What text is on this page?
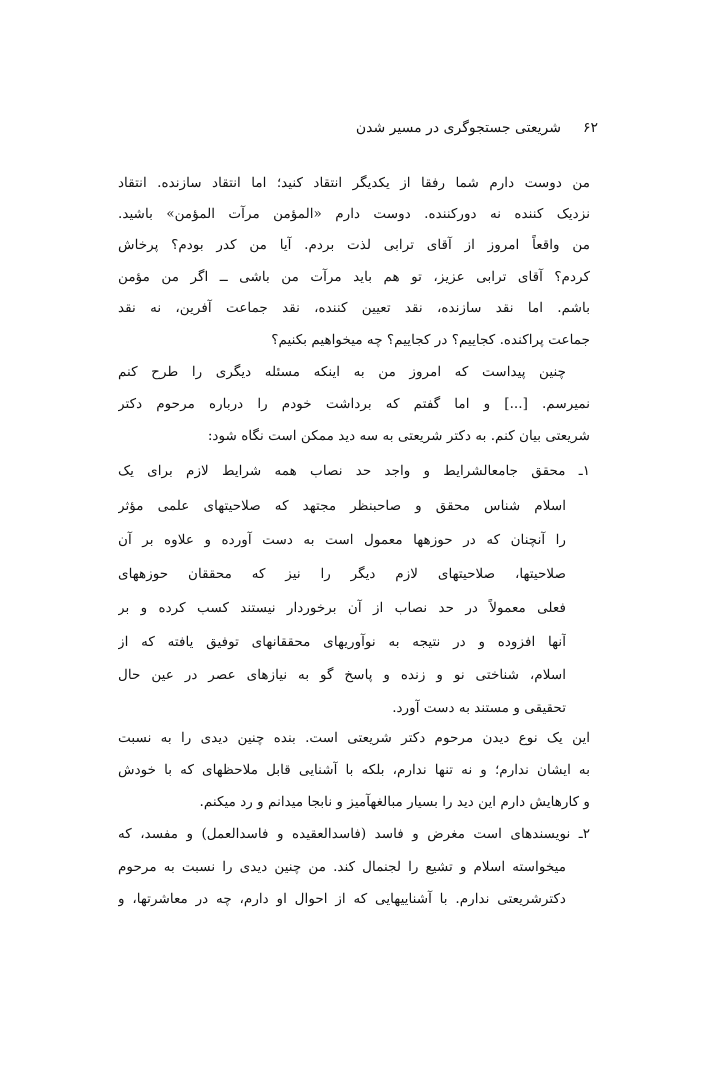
۶۲شریعتی جستجوگری در مسیر شدن
من دوست دارم شما رفقا از یکدیگر انتقاد کنید؛ اما انتقاد سازنده. انتقاد
نزدیک کننده نه دورکننده. دوست دارم «المؤمن مرآت المؤمن» باشید.
من واقعاً امروز از آقای ترابی لذت بردم. آیا من کدر بودم؟ پرخاش
کردم؟ آقای ترابی عزیز، تو هم باید مرآت من باشی ــ اگر من مؤمن
باشم. اما نقد سازنده، نقد تعیین کننده، نقد جماعت آفرین، نه نقد
جماعت پراکنده. کجاییم؟ در کجاییم؟ چه میخواهیم بکنیم؟
چنین پیداست که امروز من به اینکه مسئله دیگری را طرح کنم
نمیرسم. [...] و اما گفتم که برداشت خودم را درباره مرحوم دکتر
شریعتی بیان کنم. به دکتر شریعتی به سه دید ممکن است نگاه شود:
۱ـ محقق جامعالشرایط و واجد حد نصاب همه شرایط لازم برای یک
اسلام شناس محقق و صاحبنظر مجتهد که صلاحیتهای علمی مؤثر
را آنچنان که در حوزهها معمول است به دست آورده و علاوه بر آن
صلاحیتها، صلاحیتهای لازم دیگر را نیز که محققان حوزههای
فعلی معمولاً در حد نصاب از آن برخوردار نیستند کسب کرده و بر
آنها افزوده و در نتیجه به نوآوریهای محققانهای توفیق یافته که از
اسلام، شناختی نو و زنده و پاسخ گو به نیازهای عصر در عین حال
تحقیقی و مستند به دست آورد.
این یک نوع دیدن مرحوم دکتر شریعتی است. بنده چنین دیدی را به نسبت
به ایشان ندارم؛ و نه تنها ندارم، بلکه با آشنایی قابل ملاحظهای که با خودش
و کارهایش دارم این دید را بسیار مبالغهآمیز و نابجا میدانم و رد میکنم.
۲ـ نویسندهای است مغرض و فاسد (فاسدالعقیده و فاسدالعمل) و مفسد، که
میخواسته اسلام و تشیع را لجنمال کند. من چنین دیدی را نسبت به مرحوم
دکترشریعتی ندارم. با آشناییهایی که از احوال او دارم، چه در معاشرتها، و
